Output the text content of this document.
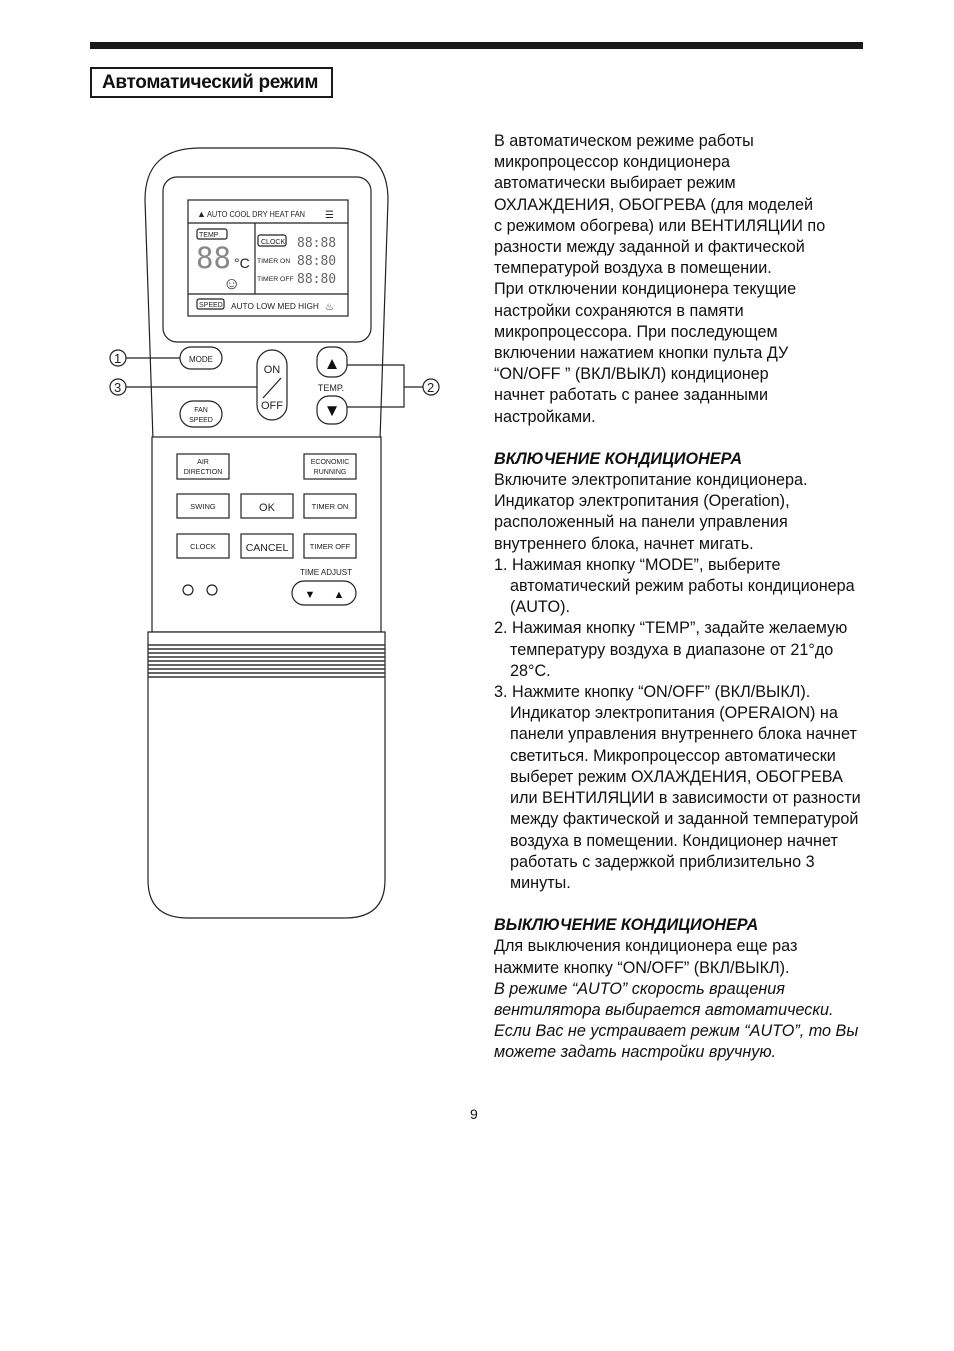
Автоматический режим
▲ AUTO COOL DRY HEAT FAN ☰
TEMP
88 °C
☺
CLOCK 88:88
TIMER ON 88:80
TIMER OFF 88:80
SPEED AUTO LOW MED HIGH ♨
1
3	2
MODE
ON
OFF
▲
TEMP.
▼
FAN
SPEED
AIR
DIRECTION
ECONOMIC
RUNNING
SWING	OK	TIMER ON
CLOCK	CANCEL	TIMER OFF
TIME ADJUST
▼ ▲

В автоматическом режиме работы

микропроцессор кондиционера

автоматически выбирает режим

ОХЛАЖДЕНИЯ, ОБОГРЕВА (для моделей

с режимом обогрева) или ВЕНТИЛЯЦИИ по

разности между заданной и фактической

температурой воздуха в помещении.

При отключении кондиционера текущие

настройки сохраняются в памяти

микропроцессора. При последующем

включении нажатием кнопки пульта ДУ

“ON/OFF ” (ВКЛ/ВЫКЛ) кондиционер

начнет работать с ранее заданными

настройками.

ВКЛЮЧЕНИЕ КОНДИЦИОНЕРА

Включите электропитание кондиционера.

Индикатор электропитания (Operation),

расположенный на панели управления

внутреннего блока, начнет мигать.

1. Нажимая кнопку “MODE”, выберите автоматический режим работы кондиционера (AUTO).

2. Нажимая кнопку “TEMP”, задайте желаемую температуру воздуха в диапазоне от 21°до 28°C.

3. Нажмите кнопку “ON/OFF” (ВКЛ/ВЫКЛ). Индикатор электропитания (OPERAION) на панели управления внутреннего блока начнет светиться. Микропроцессор автоматически выберет режим ОХЛАЖДЕНИЯ, ОБОГРЕВА или ВЕНТИЛЯЦИИ в зависимости от разности между фактической и заданной температурой воздуха в помещении. Кондиционер начнет работать с задержкой приблизительно 3 минуты.

ВЫКЛЮЧЕНИЕ КОНДИЦИОНЕРА

Для выключения кондиционера еще раз нажмите кнопку “ON/OFF” (ВКЛ/ВЫКЛ).

В режиме “AUTO” скорость вращения вентилятора выбирается автоматически. Если Вас не устраивает режим “AUTO”, то Вы можете задать настройки вручную.

9
